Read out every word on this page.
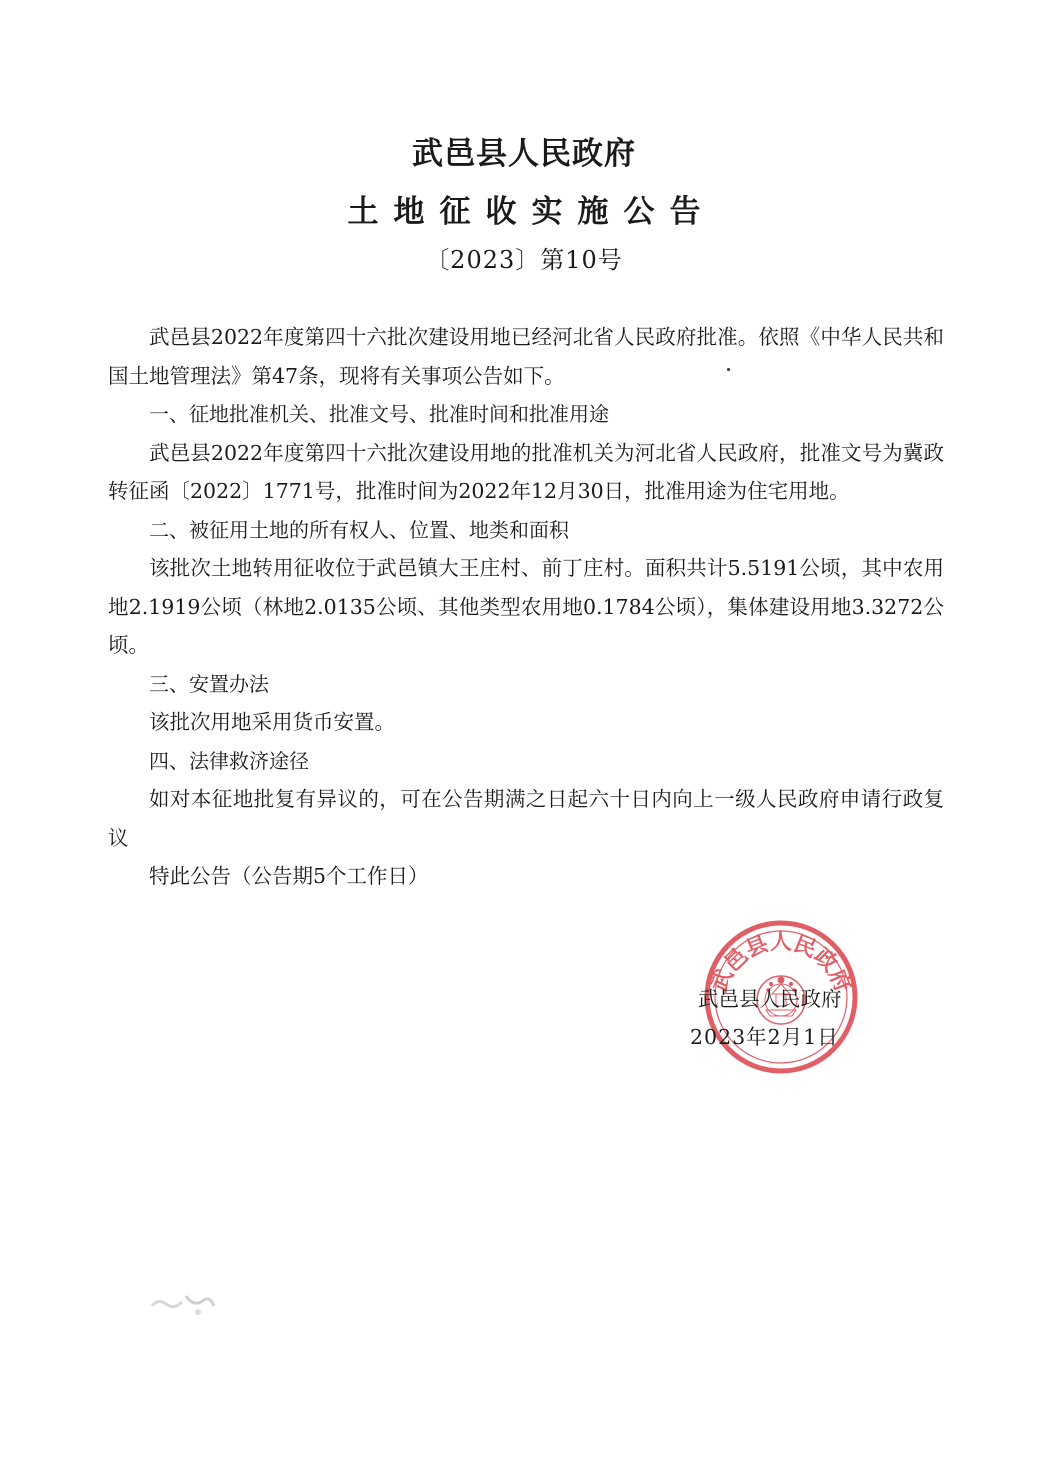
武邑县人民政府
土地征收实施公告
〔2023〕第10号

武邑县2022年度第四十六批次建设用地已经河北省人民政府批准。依照《中华人民共和国土地管理法》第47条，现将有关事项公告如下。

一、征地批准机关、批准文号、批准时间和批准用途

武邑县2022年度第四十六批次建设用地的批准机关为河北省人民政府，批准文号为冀政转征函〔2022〕1771号，批准时间为2022年12月30日，批准用途为住宅用地。

二、被征用土地的所有权人、位置、地类和面积

该批次土地转用征收位于武邑镇大王庄村、前丁庄村。面积共计5.5191公顷，其中农用地2.1919公顷（林地2.0135公顷、其他类型农用地0.1784公顷），集体建设用地3.3272公顷。

三、安置办法

该批次用地采用货币安置。

四、法律救济途径

如对本征地批复有异议的，可在公告期满之日起六十日内向上一级人民政府申请行政复议

特此公告（公告期5个工作日）

武邑县人民政府
武邑县人民政府
2023年2月1日
